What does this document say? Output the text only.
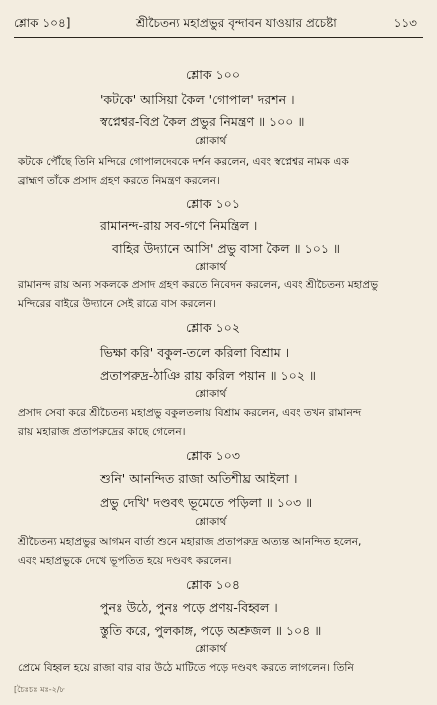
শ্লোক ১০৪]	শ্রীচৈতন্য মহাপ্রভুর বৃন্দাবন যাওয়ার প্রচেষ্টা	১১৩
শ্লোক ১০০
'কটকে' আসিয়া কৈল 'গোপাল' দরশন ।
স্বপ্নেশ্বর-বিপ্র কৈল প্রভুর নিমন্ত্রণ ॥ ১০০ ॥
শ্লোকার্থ
কটকে পৌঁছে তিনি মন্দিরে গোপালদেবকে দর্শন করলেন, এবং স্বপ্নেশ্বর নামক এক
ব্রাহ্মণ তাঁকে প্রসাদ গ্রহণ করতে নিমন্ত্রণ করলেন।
শ্লোক ১০১
রামানন্দ-রায় সব-গণে নিমন্ত্রিল ।
বাহির উদ্যানে আসি' প্রভু বাসা কৈল ॥ ১০১ ॥
শ্লোকার্থ
রামানন্দ রায় অন্য সকলকে প্রসাদ গ্রহণ করতে নিবেদন করলেন, এবং শ্রীচৈতন্য মহাপ্রভু
মন্দিরের বাইরে উদ্যানে সেই রাত্রে বাস করলেন।
শ্লোক ১০২
ভিক্ষা করি' বকুল-তলে করিলা বিশ্রাম ।
প্রতাপরুদ্র-ঠাঞি রায় করিল পয়ান ॥ ১০২ ॥
শ্লোকার্থ
প্রসাদ সেবা করে শ্রীচৈতন্য মহাপ্রভু বকুলতলায় বিশ্রাম করলেন, এবং তখন রামানন্দ
রায় মহারাজ প্রতাপরুদ্রের কাছে গেলেন।
শ্লোক ১০৩
শুনি' আনন্দিত রাজা অতিশীঘ্র আইলা ।
প্রভু দেখি' দণ্ডবৎ ভূমেতে পড়িলা ॥ ১০৩ ॥
শ্লোকার্থ
শ্রীচৈতন্য মহাপ্রভুর আগমন বার্তা শুনে মহারাজ প্রতাপরুদ্র অত্যন্ত আনন্দিত হলেন,
এবং মহাপ্রভুকে দেখে ভূপতিত হয়ে দণ্ডবৎ করলেন।
শ্লোক ১০৪
পুনঃ উঠে, পুনঃ পড়ে প্রণয়-বিহ্বল ।
স্তুতি করে, পুলকাঙ্গ, পড়ে অশ্রুজল ॥ ১০৪ ॥
শ্লোকার্থ
প্রেমে বিহ্বল হয়ে রাজা বার বার উঠে মাটিতে পড়ে দণ্ডবৎ করতে লাগলেন। তিনি
[চৈঃচঃ মঃ-২/৮
